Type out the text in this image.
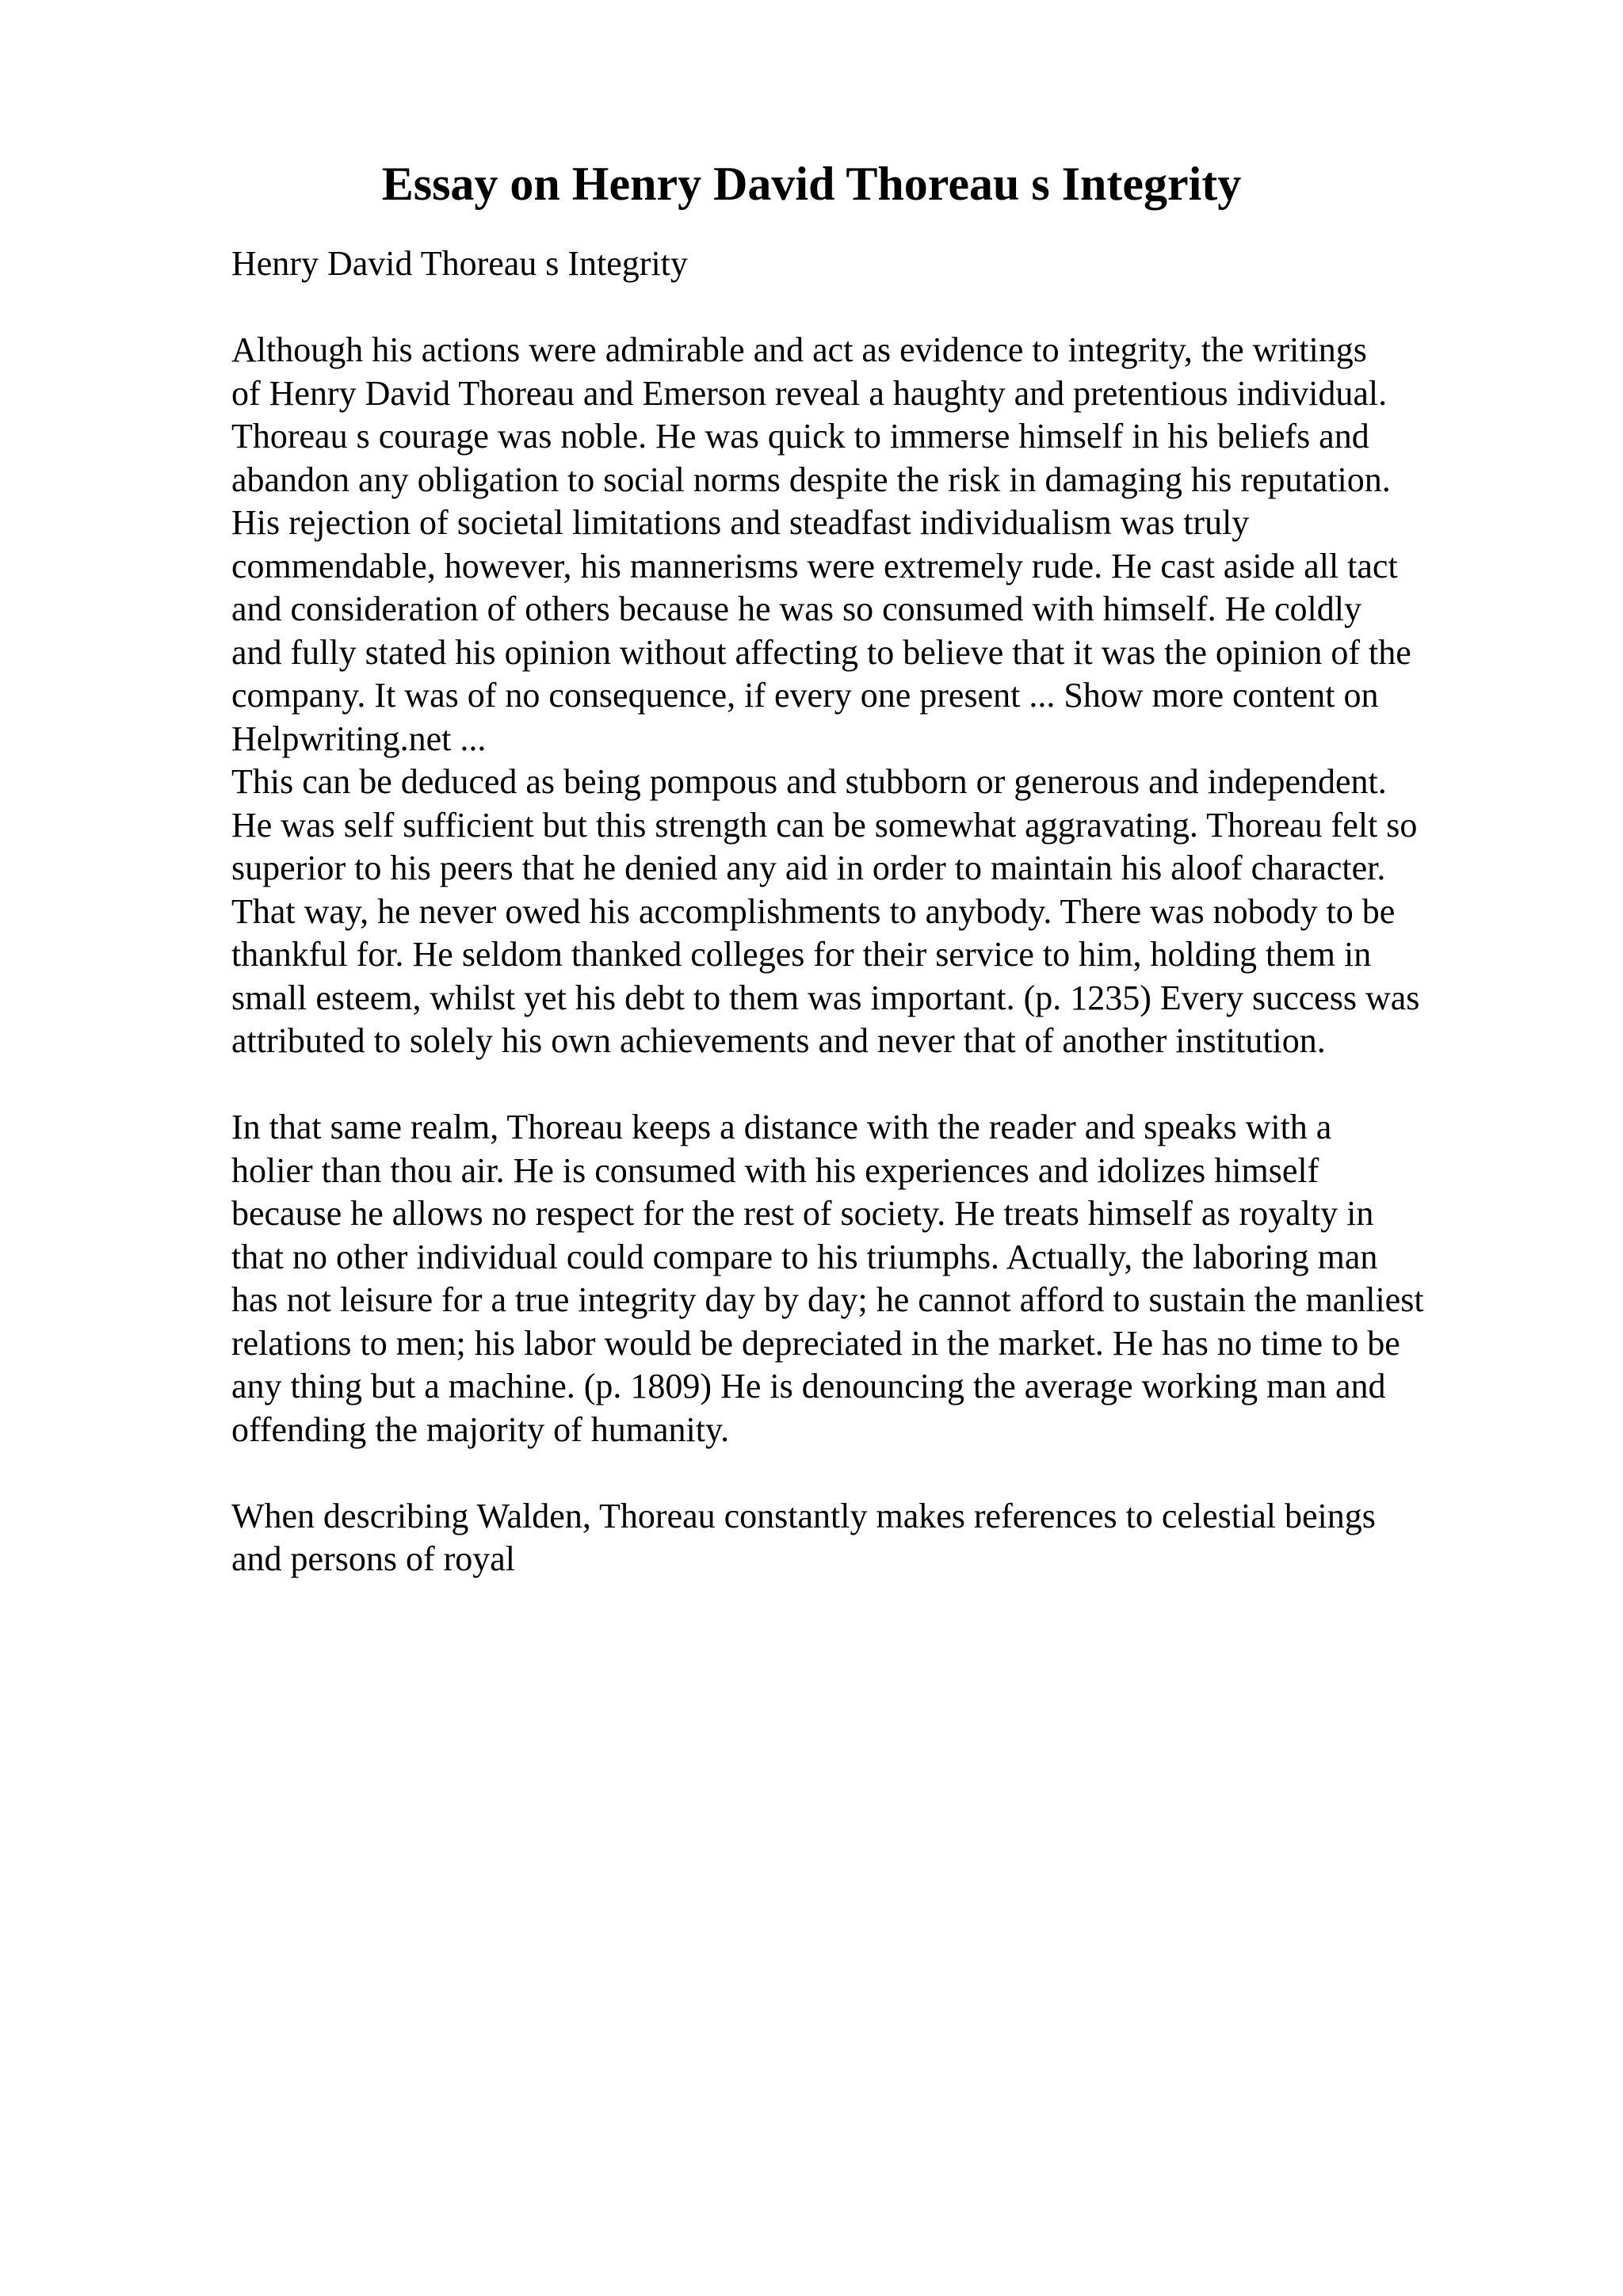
Essay on Henry David Thoreau s Integrity
Henry David Thoreau s Integrity
Although his actions were admirable and act as evidence to integrity, the writings
of Henry David Thoreau and Emerson reveal a haughty and pretentious individual.
Thoreau s courage was noble. He was quick to immerse himself in his beliefs and
abandon any obligation to social norms despite the risk in damaging his reputation.
His rejection of societal limitations and steadfast individualism was truly
commendable, however, his mannerisms were extremely rude. He cast aside all tact
and consideration of others because he was so consumed with himself. He coldly
and fully stated his opinion without affecting to believe that it was the opinion of the
company. It was of no consequence, if every one present ... Show more content on
Helpwriting.net ...
This can be deduced as being pompous and stubborn or generous and independent.
He was self sufficient but this strength can be somewhat aggravating. Thoreau felt so
superior to his peers that he denied any aid in order to maintain his aloof character.
That way, he never owed his accomplishments to anybody. There was nobody to be
thankful for. He seldom thanked colleges for their service to him, holding them in
small esteem, whilst yet his debt to them was important. (p. 1235) Every success was
attributed to solely his own achievements and never that of another institution.
In that same realm, Thoreau keeps a distance with the reader and speaks with a
holier than thou air. He is consumed with his experiences and idolizes himself
because he allows no respect for the rest of society. He treats himself as royalty in
that no other individual could compare to his triumphs. Actually, the laboring man
has not leisure for a true integrity day by day; he cannot afford to sustain the manliest
relations to men; his labor would be depreciated in the market. He has no time to be
any thing but a machine. (p. 1809) He is denouncing the average working man and
offending the majority of humanity.
When describing Walden, Thoreau constantly makes references to celestial beings
and persons of royal
